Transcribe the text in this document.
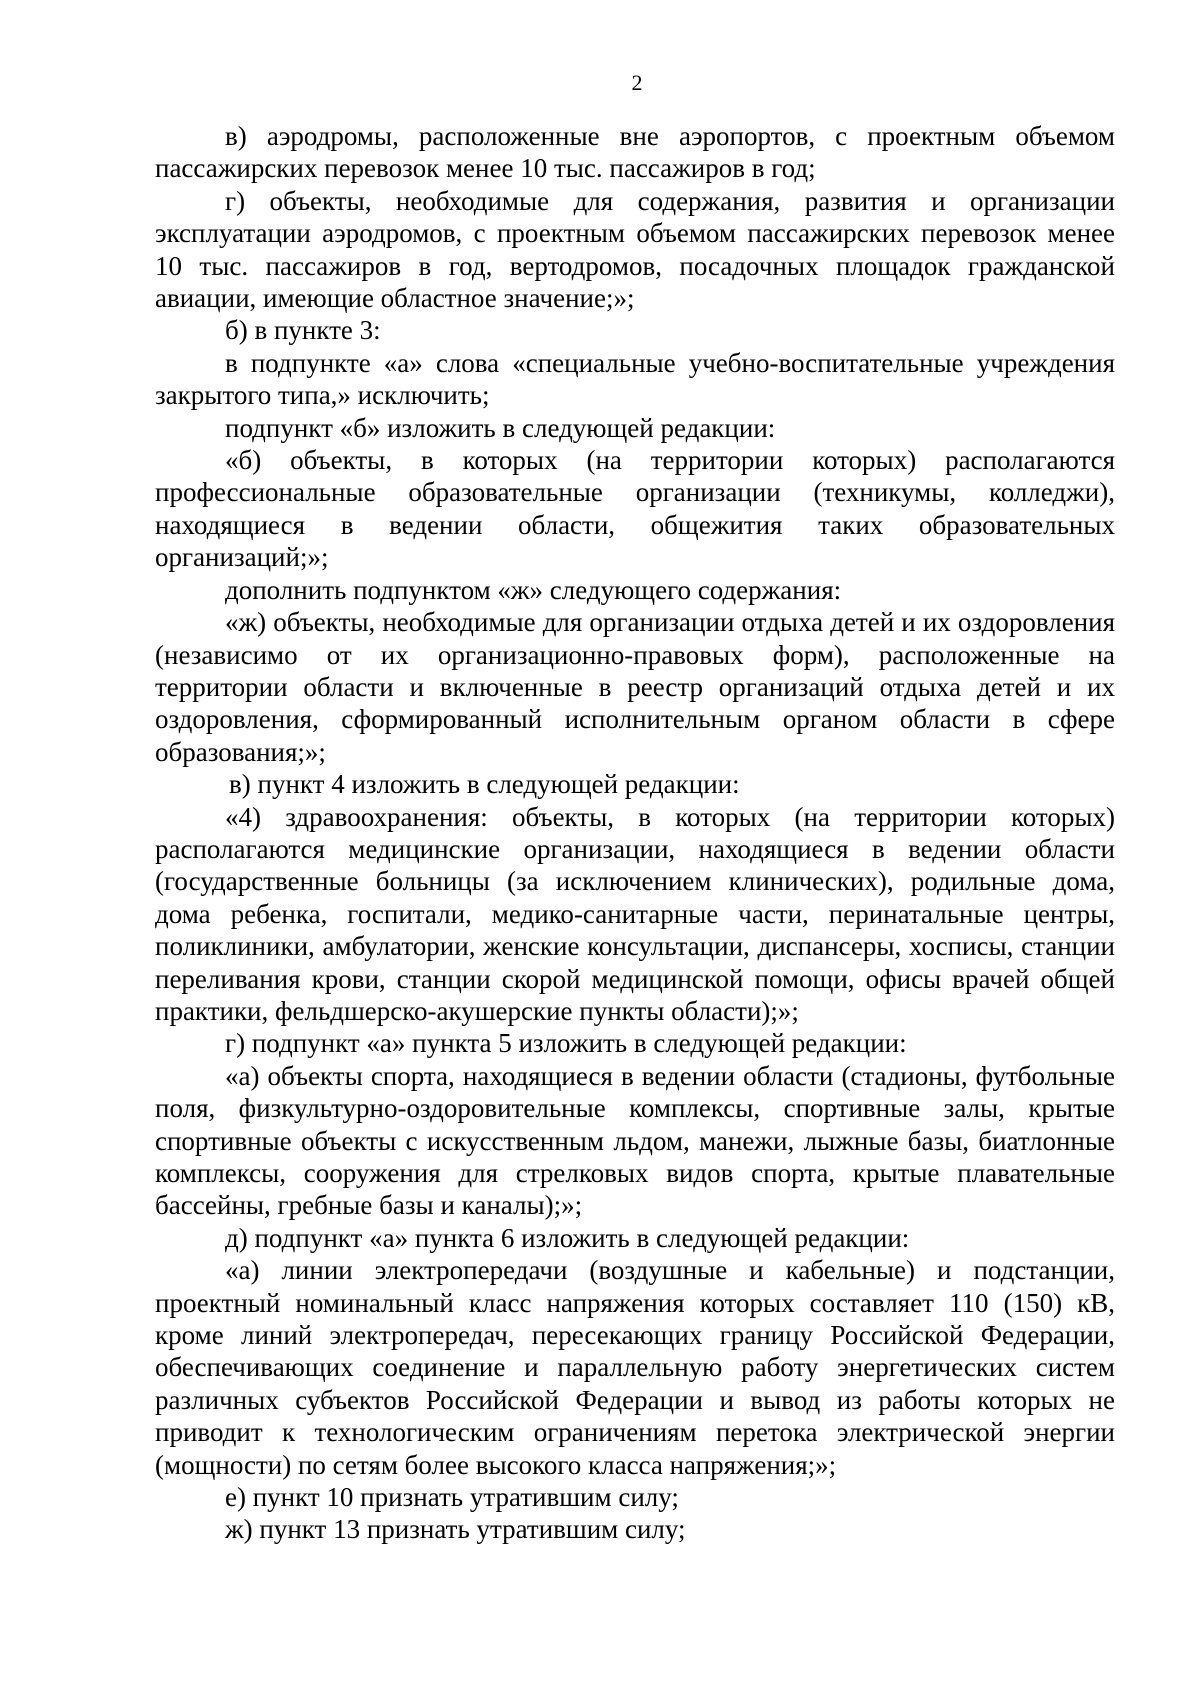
2

в) аэродромы, расположенные вне аэропортов, с проектным объемом пассажирских перевозок менее 10 тыс. пассажиров в год;

г) объекты, необходимые для содержания, развития и организации эксплуатации аэродромов, с проектным объемом пассажирских перевозок менее 10 тыс. пассажиров в год, вертодромов, посадочных площадок гражданской авиации, имеющие областное значение;»;

б) в пункте 3:

в подпункте «а» слова «специальные учебно-воспитательные учреждения закрытого типа,» исключить;

подпункт «б» изложить в следующей редакции:

«б) объекты, в которых (на территории которых) располагаются профессиональные образовательные организации (техникумы, колледжи), находящиеся в ведении области, общежития таких образовательных организаций;»;

дополнить подпунктом «ж» следующего содержания:

«ж) объекты, необходимые для организации отдыха детей и их оздоровления (независимо от их организационно-правовых форм), расположенные на территории области и включенные в реестр организаций отдыха детей и их оздоровления, сформированный исполнительным органом области в сфере образования;»;

в) пункт 4 изложить в следующей редакции:

«4) здравоохранения: объекты, в которых (на территории которых) располагаются медицинские организации, находящиеся в ведении области (государственные больницы (за исключением клинических), родильные дома, дома ребенка, госпитали, медико-санитарные части, перинатальные центры, поликлиники, амбулатории, женские консультации, диспансеры, хосписы, станции переливания крови, станции скорой медицинской помощи, офисы врачей общей практики, фельдшерско-акушерские пункты области);»;

г) подпункт «а» пункта 5 изложить в следующей редакции:

«а) объекты спорта, находящиеся в ведении области (стадионы, футбольные поля, физкультурно-оздоровительные комплексы, спортивные залы, крытые спортивные объекты с искусственным льдом, манежи, лыжные базы, биатлонные комплексы, сооружения для стрелковых видов спорта, крытые плавательные бассейны, гребные базы и каналы);»;

д) подпункт «а» пункта 6 изложить в следующей редакции:

«а) линии электропередачи (воздушные и кабельные) и подстанции, проектный номинальный класс напряжения которых составляет 110 (150) кВ, кроме линий электропередач, пересекающих границу Российской Федерации, обеспечивающих соединение и параллельную работу энергетических систем различных субъектов Российской Федерации и вывод из работы которых не приводит к технологическим ограничениям перетока электрической энергии (мощности) по сетям более высокого класса напряжения;»;

е) пункт 10 признать утратившим силу;

ж) пункт 13 признать утратившим силу;
